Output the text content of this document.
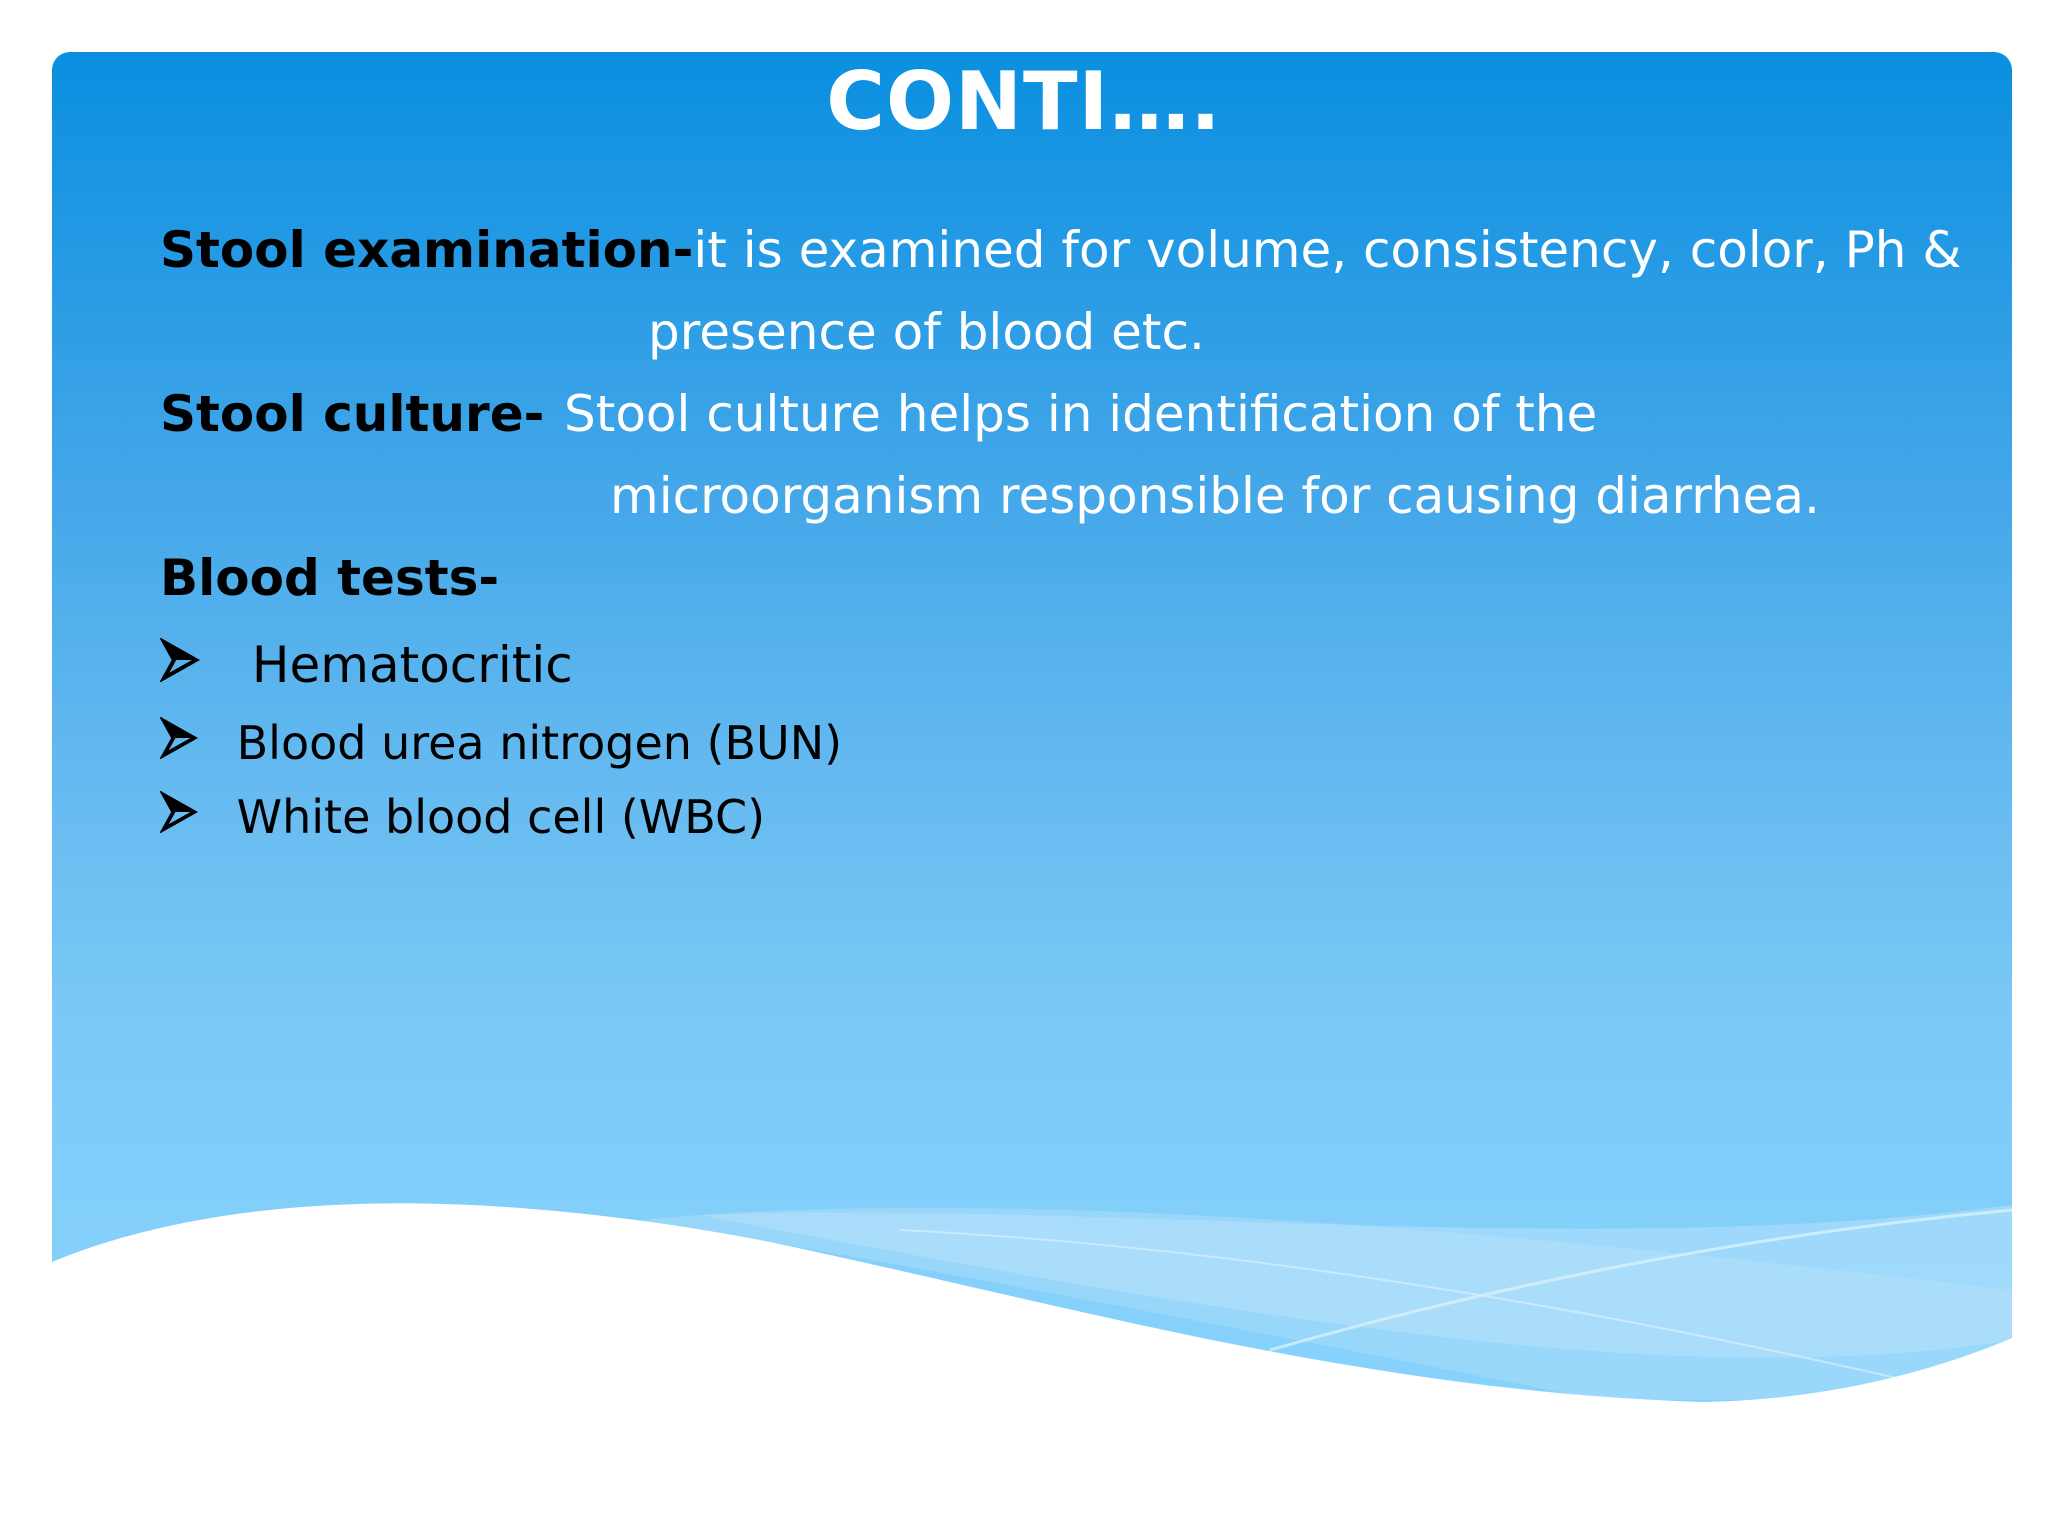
CONTI….
Stool examination-it is examined for volume, consistency, color, Ph &
presence of blood etc.
Stool culture- Stool culture helps in identification of the
microorganism responsible for causing diarrhea.
Blood tests-
Hematocritic
Blood urea nitrogen (BUN)
White blood cell (WBC)
